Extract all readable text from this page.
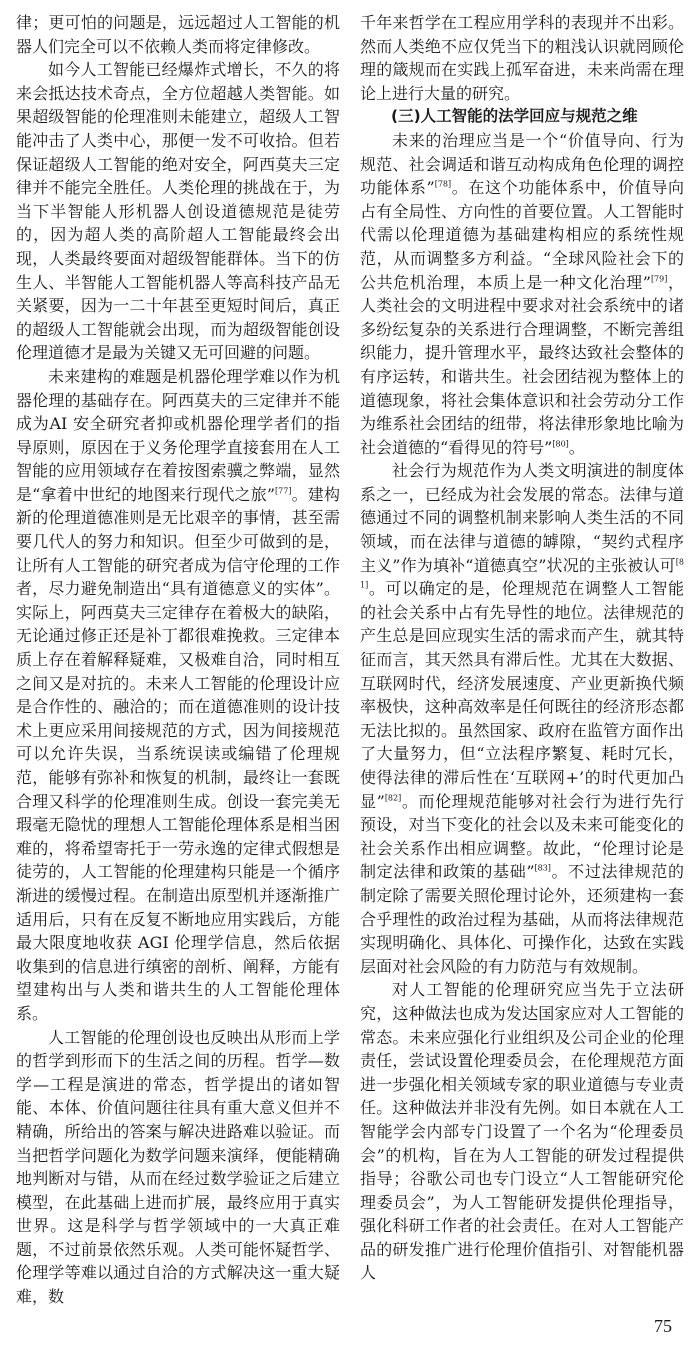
律；更可怕的问题是，远远超过人工智能的机器人们完全可以不依赖人类而将定律修改。

如今人工智能已经爆炸式增长，不久的将来会抵达技术奇点，全方位超越人类智能。如果超级智能的伦理准则未能建立，超级人工智能冲击了人类中心，那便一发不可收拾。但若保证超级人工智能的绝对安全，阿西莫夫三定律并不能完全胜任。人类伦理的挑战在于，为当下半智能人形机器人创设道德规范是徒劳的，因为超人类的高阶超人工智能最终会出现，人类最终要面对超级智能群体。当下的仿生人、半智能人工智能机器人等高科技产品无关紧要，因为一二十年甚至更短时间后，真正的超级人工智能就会出现，而为超级智能创设伦理道德才是最为关键又无可回避的问题。

未来建构的难题是机器伦理学难以作为机器伦理的基础存在。阿西莫夫的三定律并不能成为AI 安全研究者抑或机器伦理学者们的指导原则，原因在于义务伦理学直接套用在人工智能的应用领域存在着按图索骥之弊端，显然是“拿着中世纪的地图来行现代之旅”[77]。建构新的伦理道德准则是无比艰辛的事情，甚至需要几代人的努力和知识。但至少可做到的是，让所有人工智能的研究者成为信守伦理的工作者，尽力避免制造出“具有道德意义的实体”。实际上，阿西莫夫三定律存在着极大的缺陷，无论通过修正还是补丁都很难挽救。三定律本质上存在着解释疑难，又极难自洽，同时相互之间又是对抗的。未来人工智能的伦理设计应是合作性的、融洽的；而在道德准则的设计技术上更应采用间接规范的方式，因为间接规范可以允许失误，当系统误读或编错了伦理规范，能够有弥补和恢复的机制，最终让一套既合理又科学的伦理准则生成。创设一套完美无瑕毫无隐忧的理想人工智能伦理体系是相当困难的，将希望寄托于一劳永逸的定律式假想是徒劳的，人工智能的伦理建构只能是一个循序渐进的缓慢过程。在制造出原型机并逐渐推广适用后，只有在反复不断地应用实践后，方能最大限度地收获 AGI 伦理学信息，然后依据收集到的信息进行缜密的剖析、阐释，方能有望建构出与人类和谐共生的人工智能伦理体系。

人工智能的伦理创设也反映出从形而上学的哲学到形而下的生活之间的历程。哲学—数学—工程是演进的常态，哲学提出的诸如智能、本体、价值问题往往具有重大意义但并不精确，所给出的答案与解决进路难以验证。而当把哲学问题化为数学问题来演绎，便能精确地判断对与错，从而在经过数学验证之后建立模型，在此基础上进而扩展，最终应用于真实世界。这是科学与哲学领域中的一大真正难题，不过前景依然乐观。人类可能怀疑哲学、伦理学等难以通过自洽的方式解决这一重大疑难，数

千年来哲学在工程应用学科的表现并不出彩。然而人类绝不应仅凭当下的粗浅认识就罔顾伦理的箴规而在实践上孤军奋进，未来尚需在理论上进行大量的研究。

(三)人工智能的法学回应与规范之维

未来的治理应当是一个“价值导向、行为规范、社会调适和谐互动构成角色伦理的调控功能体系”[78]。在这个功能体系中，价值导向占有全局性、方向性的首要位置。人工智能时代需以伦理道德为基础建构相应的系统性规范，从而调整多方利益。“全球风险社会下的公共危机治理，本质上是一种文化治理”[79]，人类社会的文明进程中要求对社会系统中的诸多纷纭复杂的关系进行合理调整，不断完善组织能力，提升管理水平，最终达致社会整体的有序运转，和谐共生。社会团结视为整体上的道德现象，将社会集体意识和社会劳动分工作为维系社会团结的纽带，将法律形象地比喻为社会道德的“看得见的符号”[80]。

社会行为规范作为人类文明演进的制度体系之一，已经成为社会发展的常态。法律与道德通过不同的调整机制来影响人类生活的不同领域，而在法律与道德的罅隙，“契约式程序主义”作为填补“道德真空”状况的主张被认可[81]。可以确定的是，伦理规范在调整人工智能的社会关系中占有先导性的地位。法律规范的产生总是回应现实生活的需求而产生，就其特征而言，其天然具有滞后性。尤其在大数据、互联网时代，经济发展速度、产业更新换代频率极快，这种高效率是任何既往的经济形态都无法比拟的。虽然国家、政府在监管方面作出了大量努力，但“立法程序繁复、耗时冗长，使得法律的滞后性在‘互联网+’的时代更加凸显”[82]。而伦理规范能够对社会行为进行先行预设，对当下变化的社会以及未来可能变化的社会关系作出相应调整。故此，“伦理讨论是制定法律和政策的基础”[83]。不过法律规范的制定除了需要关照伦理讨论外，还须建构一套合乎理性的政治过程为基础，从而将法律规范实现明确化、具体化、可操作化，达致在实践层面对社会风险的有力防范与有效规制。

对人工智能的伦理研究应当先于立法研究，这种做法也成为发达国家应对人工智能的常态。未来应强化行业组织及公司企业的伦理责任，尝试设置伦理委员会，在伦理规范方面进一步强化相关领域专家的职业道德与专业责任。这种做法并非没有先例。如日本就在人工智能学会内部专门设置了一个名为“伦理委员会”的机构，旨在为人工智能的研发过程提供指导；谷歌公司也专门设立“人工智能研究伦理委员会”，为人工智能研发提供伦理指导，强化科研工作者的社会责任。在对人工智能产品的研发推广进行伦理价值指引、对智能机器人

75
